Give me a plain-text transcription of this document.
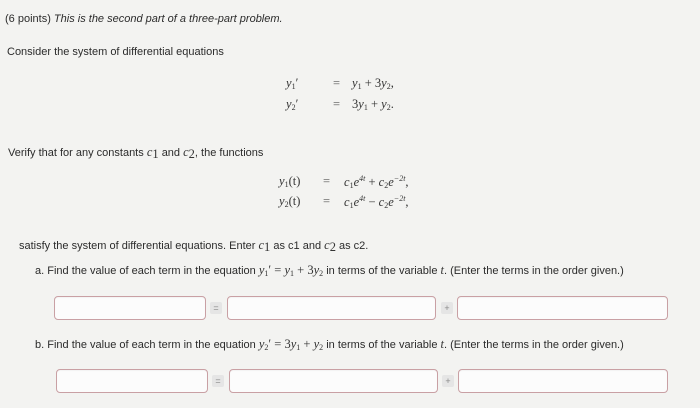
(6 points) This is the second part of a three-part problem.
Consider the system of differential equations
$y_1'$	= $y_1 + 3y_2$,
$y_2'$	= $3y_1 + y_2$.
Verify that for any constants $c_1$ and $c_2$, the functions
$y_1(t) = c_1e^{4t} + c_2e^{-2t}$,
$y_2(t) = c_1e^{4t} - c_2e^{-2t}$,
satisfy the system of differential equations. Enter $c_1$ as c1 and $c_2$ as c2.
a. Find the value of each term in the equation $y_1' = y_1 + 3y_2$ in terms of the variable t. (Enter the terms in the order given.)
=	+
b. Find the value of each term in the equation $y_2' = 3y_1 + y_2$ in terms of the variable t. (Enter the terms in the order given.)
=	+
